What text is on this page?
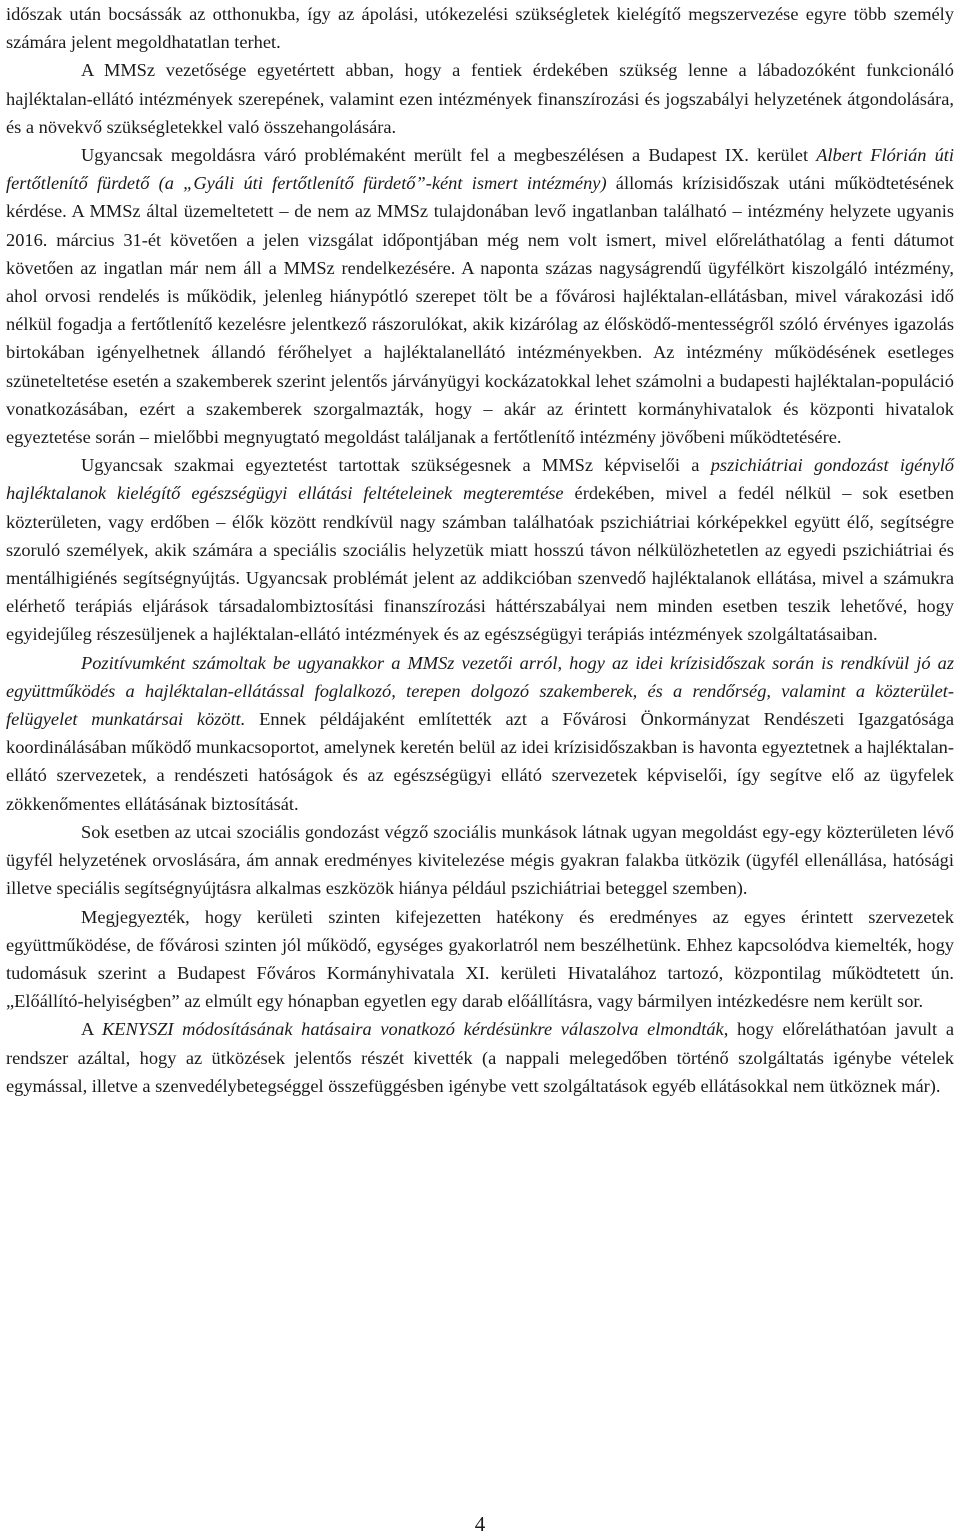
időszak után bocsássák az otthonukba, így az ápolási, utókezelési szükségletek kielégítő megszervezése egyre több személy számára jelent megoldhatatlan terhet.

A MMSz vezetősége egyetértett abban, hogy a fentiek érdekében szükség lenne a lábadozóként funkcionáló hajléktalan-ellátó intézmények szerepének, valamint ezen intézmények finanszírozási és jogszabályi helyzetének átgondolására, és a növekvő szükségletekkel való összehangolására.

Ugyancsak megoldásra váró problémaként merült fel a megbeszélésen a Budapest IX. kerület Albert Flórián úti fertőtlenítő fürdető (a „Gyáli úti fertőtlenítő fürdető”-ként ismert intézmény) állomás krízisidőszak utáni működtetésének kérdése. A MMSz által üzemeltetett – de nem az MMSz tulajdonában levő ingatlanban található – intézmény helyzete ugyanis 2016. március 31-ét követően a jelen vizsgálat időpontjában még nem volt ismert, mivel előreláthatólag a fenti dátumot követően az ingatlan már nem áll a MMSz rendelkezésére. A naponta százas nagyságrendű ügyfélkört kiszolgáló intézmény, ahol orvosi rendelés is működik, jelenleg hiánypótló szerepet tölt be a fővárosi hajléktalan-ellátásban, mivel várakozási idő nélkül fogadja a fertőtlenítő kezelésre jelentkező rászorulókat, akik kizárólag az élősködő-mentességről szóló érvényes igazolás birtokában igényelhetnek állandó férőhelyet a hajléktalanellátó intézményekben. Az intézmény működésének esetleges szüneteltetése esetén a szakemberek szerint jelentős járványügyi kockázatokkal lehet számolni a budapesti hajléktalan-populáció vonatkozásában, ezért a szakemberek szorgalmazták, hogy – akár az érintett kormányhivatalok és központi hivatalok egyeztetése során – mielőbbi megnyugtató megoldást találjanak a fertőtlenítő intézmény jövőbeni működtetésére.

Ugyancsak szakmai egyeztetést tartottak szükségesnek a MMSz képviselői a pszichiátriai gondozást igénylő hajléktalanok kielégítő egészségügyi ellátási feltételeinek megteremtése érdekében, mivel a fedél nélkül – sok esetben közterületen, vagy erdőben – élők között rendkívül nagy számban találhatóak pszichiátriai kórképekkel együtt élő, segítségre szoruló személyek, akik számára a speciális szociális helyzetük miatt hosszú távon nélkülözhetetlen az egyedi pszichiátriai és mentálhigiénés segítségnyújtás. Ugyancsak problémát jelent az addikcióban szenvedő hajléktalanok ellátása, mivel a számukra elérhető terápiás eljárások társadalombiztosítási finanszírozási háttérszabályai nem minden esetben teszik lehetővé, hogy egyidejűleg részesüljenek a hajléktalan-ellátó intézmények és az egészségügyi terápiás intézmények szolgáltatásaiban.

Pozitívumként számoltak be ugyanakkor a MMSz vezetői arról, hogy az idei krízisidőszak során is rendkívül jó az együttműködés a hajléktalan-ellátással foglalkozó, terepen dolgozó szakemberek, és a rendőrség, valamint a közterület-felügyelet munkatársai között. Ennek példájaként említették azt a Fővárosi Önkormányzat Rendészeti Igazgatósága koordinálásában működő munkacsoportot, amelynek keretén belül az idei krízisidőszakban is havonta egyeztetnek a hajléktalan-ellátó szervezetek, a rendészeti hatóságok és az egészségügyi ellátó szervezetek képviselői, így segítve elő az ügyfelek zökkenőmentes ellátásának biztosítását.

Sok esetben az utcai szociális gondozást végző szociális munkások látnak ugyan megoldást egy-egy közterületen lévő ügyfél helyzetének orvoslására, ám annak eredményes kivitelezése mégis gyakran falakba ütközik (ügyfél ellenállása, hatósági illetve speciális segítségnyújtásra alkalmas eszközök hiánya például pszichiátriai beteggel szemben).

Megjegyezték, hogy kerületi szinten kifejezetten hatékony és eredményes az egyes érintett szervezetek együttműködése, de fővárosi szinten jól működő, egységes gyakorlatról nem beszélhetünk. Ehhez kapcsolódva kiemelték, hogy tudomásuk szerint a Budapest Főváros Kormányhivatala XI. kerületi Hivatalához tartozó, központilag működtetett ún. „Előállító-helyiségben” az elmúlt egy hónapban egyetlen egy darab előállításra, vagy bármilyen intézkedésre nem került sor.

A KENYSZI módosításának hatásaira vonatkozó kérdésünkre válaszolva elmondták, hogy előreláthatóan javult a rendszer azáltal, hogy az ütközések jelentős részét kivették (a nappali melegedőben történő szolgáltatás igénybe vételek egymással, illetve a szenvedélybetegséggel összefüggésben igénybe vett szolgáltatások egyéb ellátásokkal nem ütköznek már).

4
